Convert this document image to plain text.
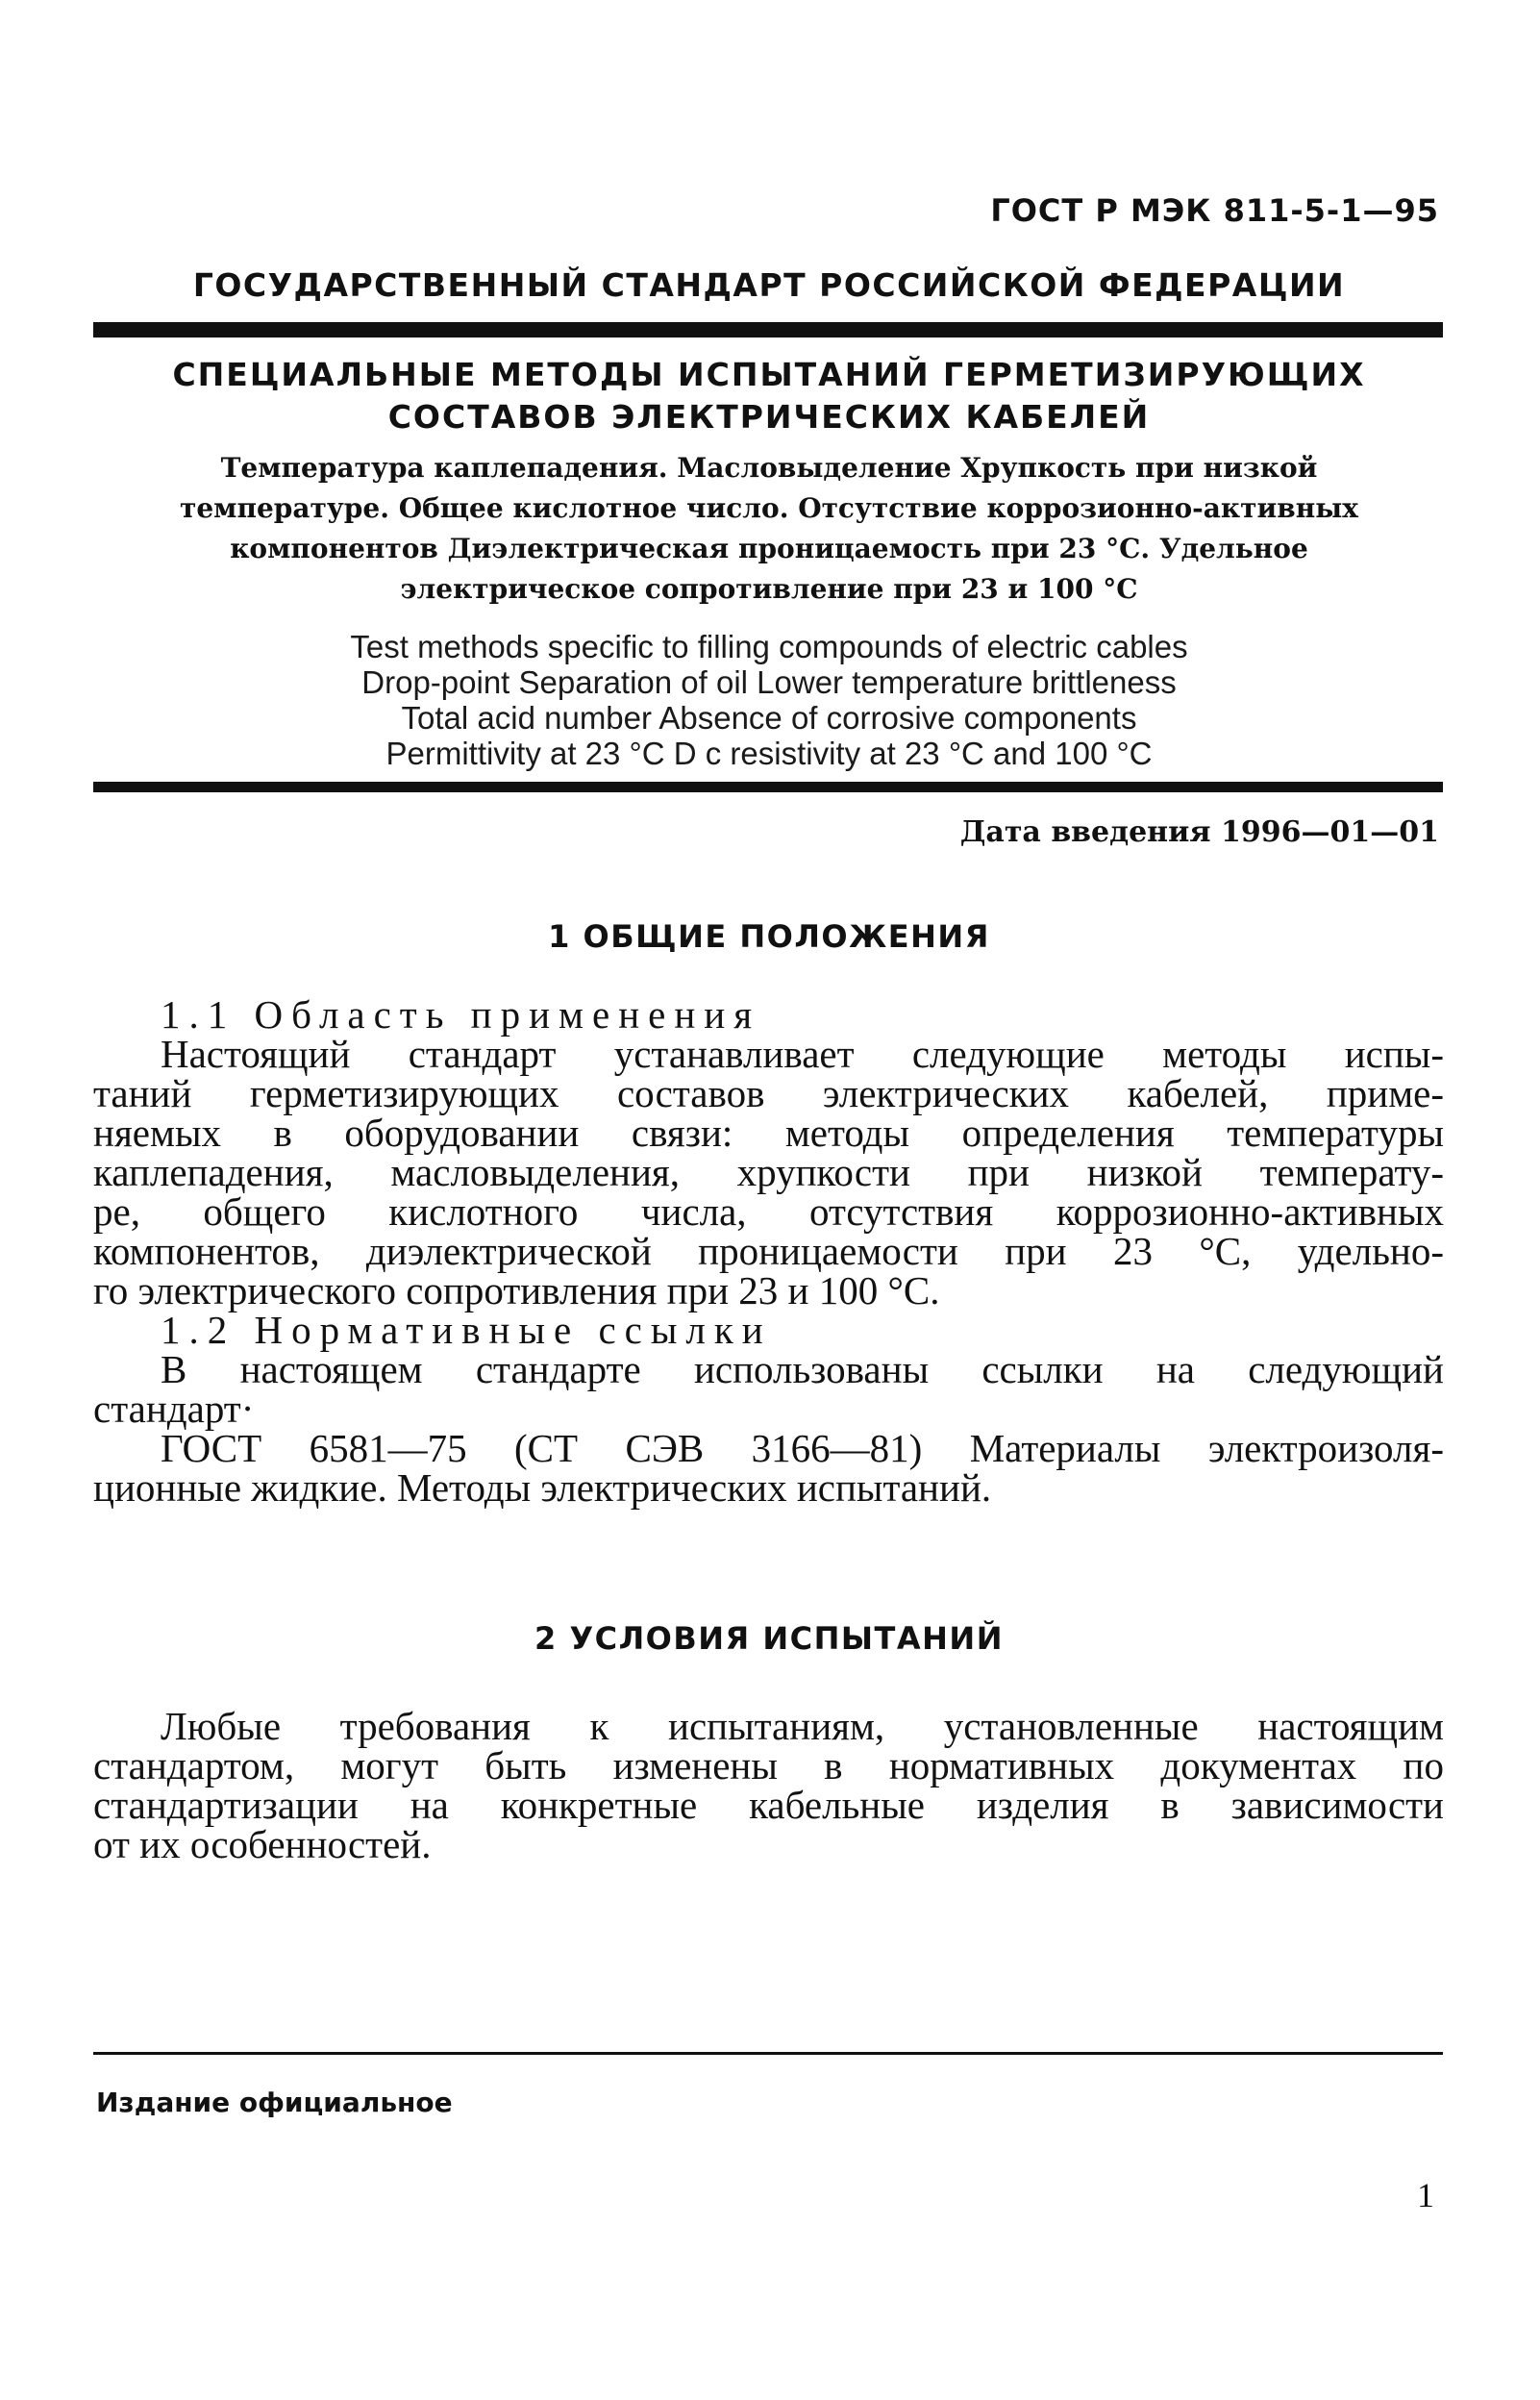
ГОСТ Р МЭК 811-5-1—95
ГОСУДАРСТВЕННЫЙ СТАНДАРТ РОССИЙСКОЙ ФЕДЕРАЦИИ
СПЕЦИАЛЬНЫЕ МЕТОДЫ ИСПЫТАНИЙ ГЕРМЕТИЗИРУЮЩИХ
СОСТАВОВ ЭЛЕКТРИЧЕСКИХ КАБЕЛЕЙ
Температура каплепадения. Масловыделение Хрупкость при низкой
температуре. Общее кислотное число. Отсутствие коррозионно-активных
компонентов Диэлектрическая проницаемость при 23 °С. Удельное
электрическое сопротивление при 23 и 100 °С
Test methods specific to filling compounds of electric cables
Drop-point Separation of oil Lower temperature brittleness
Total acid number Absence of corrosive components
Permittivity at 23 °C D c resistivity at 23 °C and 100 °C
Дата введения 1996—01—01
1 ОБЩИЕ ПОЛОЖЕНИЯ
1.1 Область применения
Настоящий стандарт устанавливает следующие методы испы-
таний герметизирующих составов электрических кабелей, приме-
няемых в оборудовании связи: методы определения температуры
каплепадения, масловыделения, хрупкости при низкой температу-
ре, общего кислотного числа, отсутствия коррозионно-активных
компонентов, диэлектрической проницаемости при 23 °С, удельно-
го электрического сопротивления при 23 и 100 °С.
1.2 Нормативные ссылки
В настоящем стандарте использованы ссылки на следующий
стандарт·
ГОСТ 6581—75 (СТ СЭВ 3166—81) Материалы электроизоля-
ционные жидкие. Методы электрических испытаний.
2 УСЛОВИЯ ИСПЫТАНИЙ
Любые требования к испытаниям, установленные настоящим
стандартом, могут быть изменены в нормативных документах по
стандартизации на конкретные кабельные изделия в зависимости
от их особенностей.
Издание официальное
1
